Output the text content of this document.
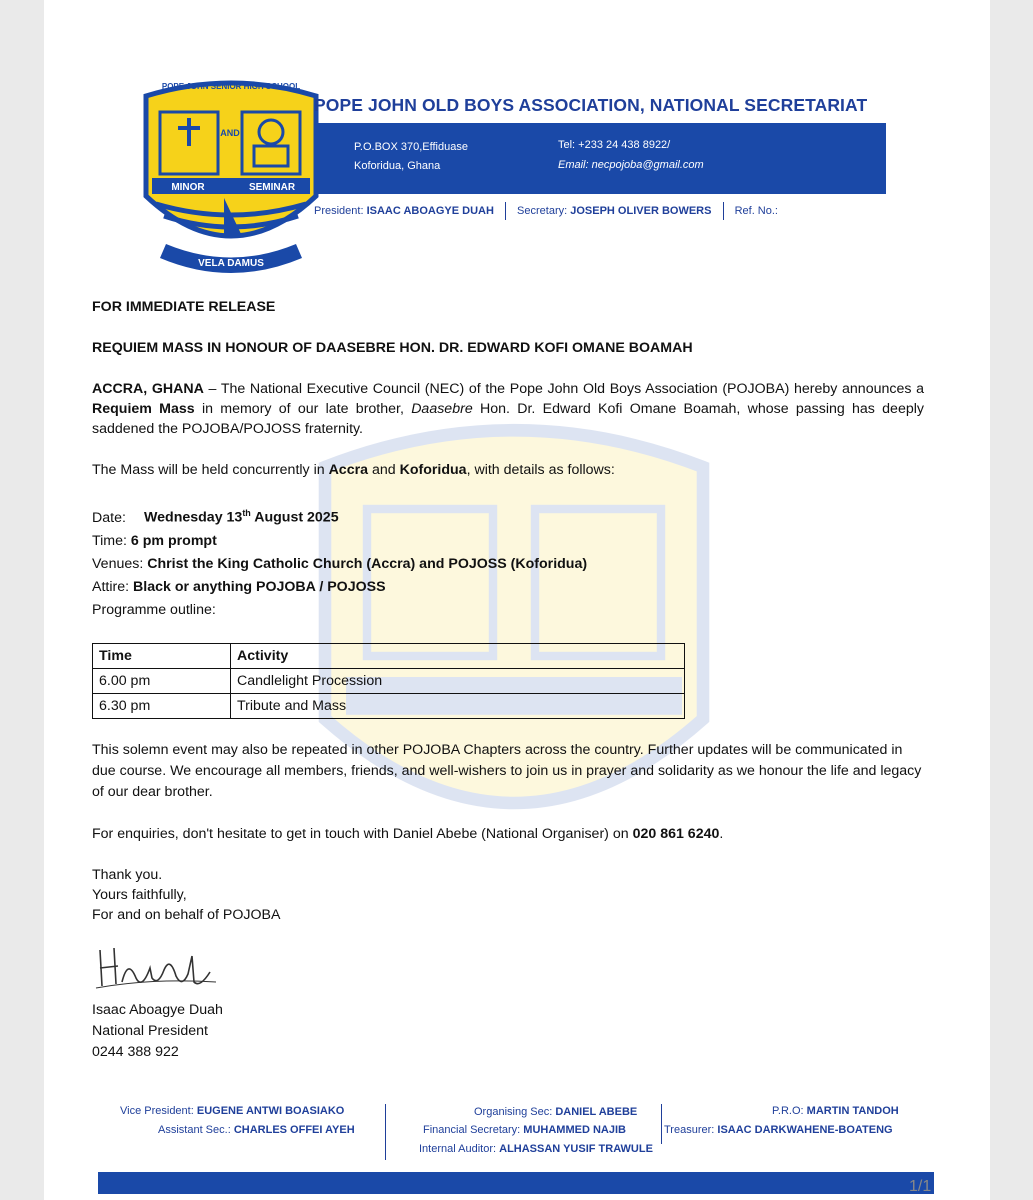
POPE JOHN SENIOR HIGH SCHOOL
AND
MINOR	SEMINAR
VELA DAMUS
POPE JOHN OLD BOYS ASSOCIATION, NATIONAL SECRETARIAT
P.O.BOX 370,Effiduase
Koforidua, Ghana
Tel: +233 24 438 8922/
Email: necpojoba@gmail.com
President: ISAAC ABOAGYE DUAH Secretary: JOSEPH OLIVER BOWERS Ref. No.:

FOR IMMEDIATE RELEASE

REQUIEM MASS IN HONOUR OF DAASEBRE HON. DR. EDWARD KOFI OMANE BOAMAH

ACCRA, GHANA – The National Executive Council (NEC) of the Pope John Old Boys Association (POJOBA) hereby announces a Requiem Mass in memory of our late brother, Daasebre Hon. Dr. Edward Kofi Omane Boamah, whose passing has deeply saddened the POJOBA/POJOSS fraternity.

The Mass will be held concurrently in Accra and Koforidua, with details as follows:

Date: Wednesday 13th August 2025

Time: 6 pm prompt

Venues: Christ the King Catholic Church (Accra) and POJOSS (Koforidua)

Attire: Black or anything POJOBA / POJOSS

Programme outline:

Time	Activity
6.00 pm	Candlelight Procession
6.30 pm	Tribute and Mass

This solemn event may also be repeated in other POJOBA Chapters across the country. Further updates will be communicated in due course. We encourage all members, friends, and well-wishers to join us in prayer and solidarity as we honour the life and legacy of our dear brother.

For enquiries, don't hesitate to get in touch with Daniel Abebe (National Organiser) on 020 861 6240.

Thank you.

Yours faithfully,

For and on behalf of POJOBA

Isaac Aboagye Duah

National President

0244 388 922

Vice President: EUGENE ANTWI BOASIAKO
Assistant Sec.: CHARLES OFFEI AYEH
Organising Sec: DANIEL ABEBE
Financial Secretary: MUHAMMED NAJIB
Internal Auditor: ALHASSAN YUSIF TRAWULE
P.R.O: MARTIN TANDOH
Treasurer: ISAAC DARKWAHENE-BOATENG
1/1
